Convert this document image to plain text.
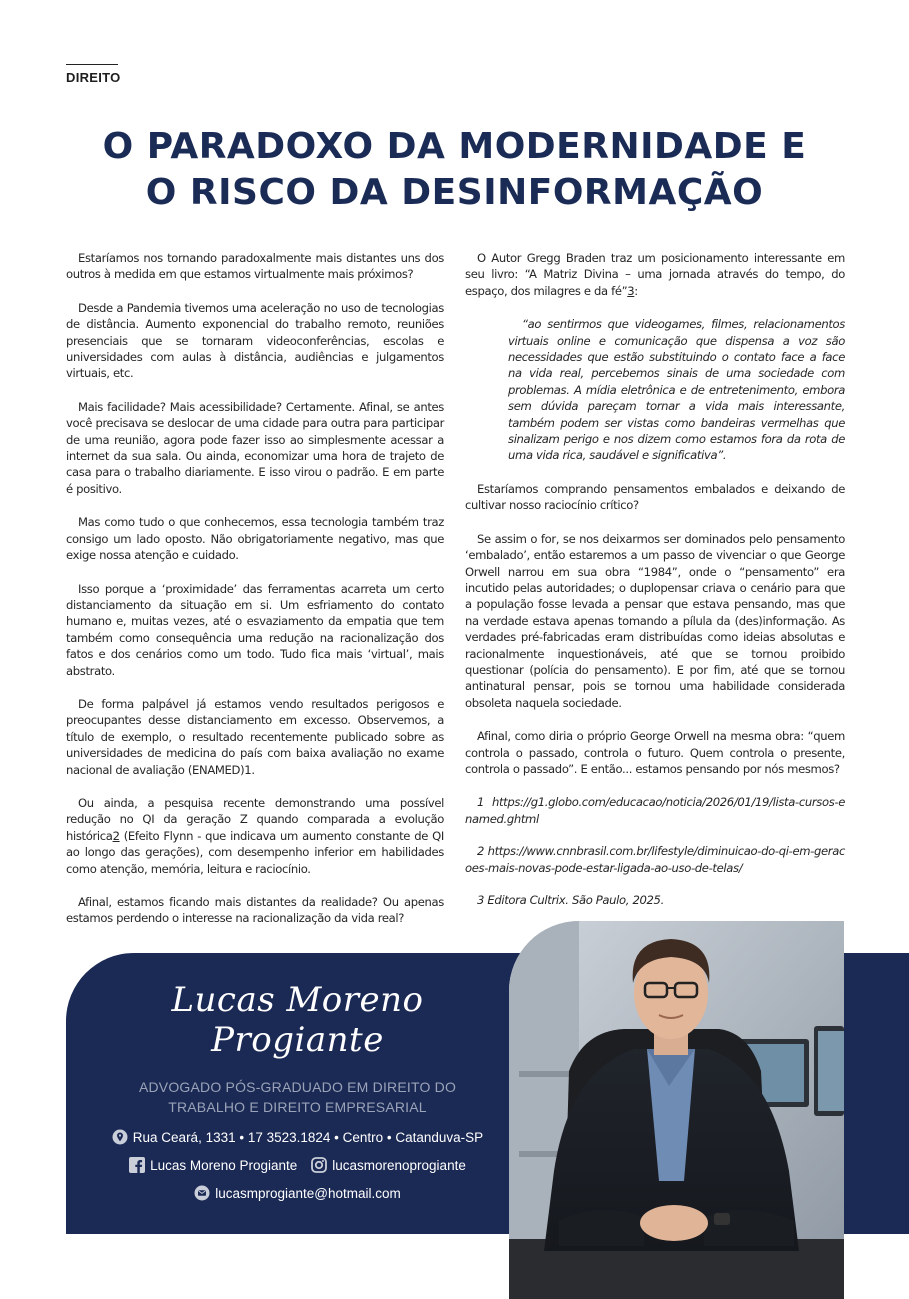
DIREITO
O PARADOXO DA MODERNIDADE E
O RISCO DA DESINFORMAÇÃO

Estaríamos nos tornando paradoxalmente mais distantes uns dos outros à medida em que estamos virtualmente mais próximos?

Desde a Pandemia tivemos uma aceleração no uso de tecnologias de distância. Aumento exponencial do trabalho remoto, reuniões presenciais que se tornaram videoconferências, escolas e universidades com aulas à distância, audiências e julgamentos virtuais, etc.

Mais facilidade? Mais acessibilidade? Certamente. Afinal, se antes você precisava se deslocar de uma cidade para outra para participar de uma reunião, agora pode fazer isso ao simplesmente acessar a internet da sua sala. Ou ainda, economizar uma hora de trajeto de casa para o trabalho diariamente. E isso virou o padrão. E em parte é positivo.

Mas como tudo o que conhecemos, essa tecnologia também traz consigo um lado oposto. Não obrigatoriamente negativo, mas que exige nossa atenção e cuidado.

Isso porque a ‘proximidade’ das ferramentas acarreta um certo distanciamento da situação em si. Um esfriamento do contato humano e, muitas vezes, até o esvaziamento da empatia que tem também como consequência uma redução na racionalização dos fatos e dos cenários como um todo. Tudo fica mais ‘virtual’, mais abstrato.

De forma palpável já estamos vendo resultados perigosos e preocupantes desse distanciamento em excesso. Observemos, a título de exemplo, o resultado recentemente publicado sobre as universidades de medicina do país com baixa avaliação no exame nacional de avaliação (ENAMED)1.

Ou ainda, a pesquisa recente demonstrando uma possível redução no QI da geração Z quando comparada a evolução histórica2 (Efeito Flynn - que indicava um aumento constante de QI ao longo das gerações), com desempenho inferior em habilidades como atenção, memória, leitura e raciocínio.

Afinal, estamos ficando mais distantes da realidade? Ou apenas estamos perdendo o interesse na racionalização da vida real?

O Autor Gregg Braden traz um posicionamento interessante em seu livro: “A Matriz Divina – uma jornada através do tempo, do espaço, dos milagres e da fé”3:

“ao sentirmos que videogames, filmes, relacionamentos virtuais online e comunicação que dispensa a voz são necessidades que estão substituindo o contato face a face na vida real, percebemos sinais de uma sociedade com problemas. A mídia eletrônica e de entretenimento, embora sem dúvida pareçam tornar a vida mais interessante, também podem ser vistas como bandeiras vermelhas que sinalizam perigo e nos dizem como estamos fora da rota de uma vida rica, saudável e significativa”.

Estaríamos comprando pensamentos embalados e deixando de cultivar nosso raciocínio crítico?

Se assim o for, se nos deixarmos ser dominados pelo pensamento ‘embalado’, então estaremos a um passo de vivenciar o que George Orwell narrou em sua obra “1984”, onde o “pensamento” era incutido pelas autoridades; o duplopensar criava o cenário para que a população fosse levada a pensar que estava pensando, mas que na verdade estava apenas tomando a pílula da (des)informação. As verdades pré-fabricadas eram distribuídas como ideias absolutas e racionalmente inquestionáveis, até que se tornou proibido questionar (polícia do pensamento). E por fim, até que se tornou antinatural pensar, pois se tornou uma habilidade considerada obsoleta naquela sociedade.

Afinal, como diria o próprio George Orwell na mesma obra: “quem controla o passado, controla o futuro. Quem controla o presente, controla o passado”. E então... estamos pensando por nós mesmos?

1 https://g1.globo.com/educacao/noticia/2026/01/19/lista-cursos-enamed.ghtml

2 https://www.cnnbrasil.com.br/lifestyle/diminuicao-do-qi-em-geracoes-mais-novas-pode-estar-ligada-ao-uso-de-telas/

3 Editora Cultrix. São Paulo, 2025.

Lucas Moreno
Progiante
ADVOGADO PÓS-GRADUADO EM DIREITO DO
TRABALHO E DIREITO EMPRESARIAL
Rua Ceará, 1331 • 17 3523.1824 • Centro • Catanduva-SP
Lucas Moreno Progiante	lucasmorenoprogiante
lucasmprogiante@hotmail.com
